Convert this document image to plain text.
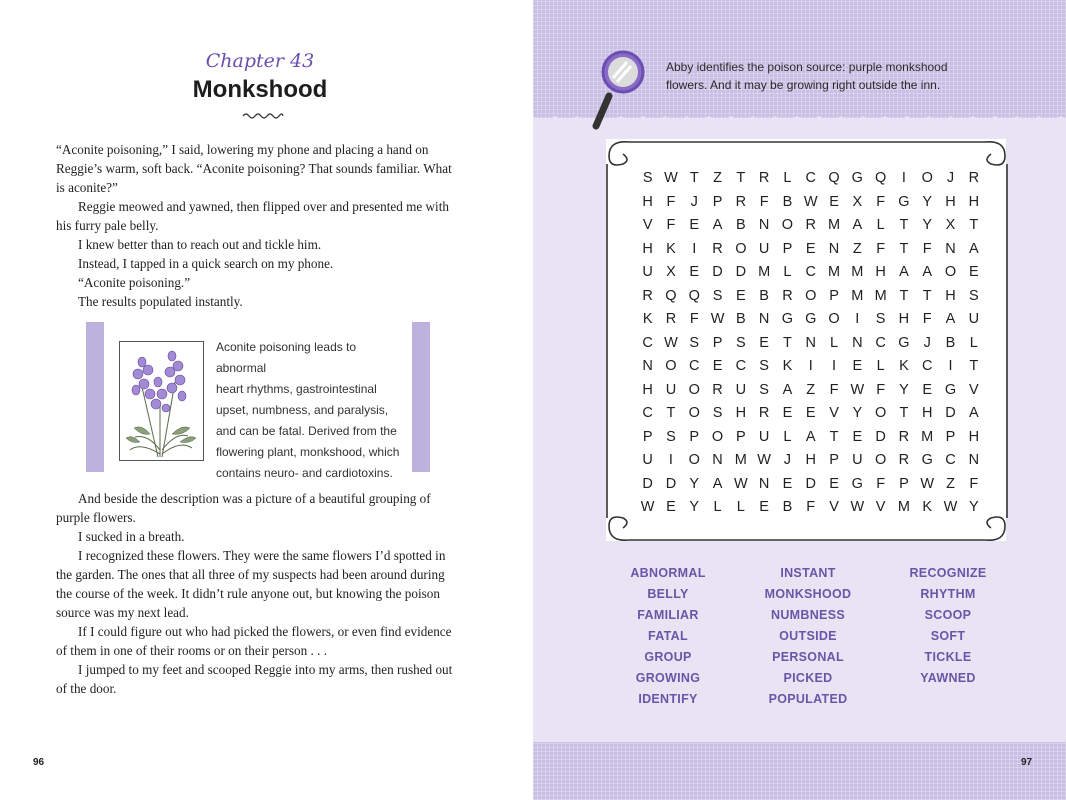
Chapter 43
Monkshood

“Aconite poisoning,” I said, lowering my phone and placing a hand on Reggie’s warm, soft back. “Aconite poisoning? That sounds familiar. What is aconite?”

Reggie meowed and yawned, then flipped over and presented me with his furry pale belly.

I knew better than to reach out and tickle him.

Instead, I tapped in a quick search on my phone.

“Aconite poisoning.”

The results populated instantly.

Aconite poisoning leads to abnormal
heart rhythms, gastrointestinal
upset, numbness, and paralysis,
and can be fatal. Derived from the
flowering plant, monkshood, which
contains neuro- and cardiotoxins.

And beside the description was a picture of a beautiful grouping of purple flowers.

I sucked in a breath.

I recognized these flowers. They were the same flowers I’d spotted in the garden. The ones that all three of my suspects had been around during the course of the week. It didn’t rule anyone out, but knowing the poison source was my next lead.

If I could figure out who had picked the flowers, or even find evidence of them in one of their rooms or on their person . . .

I jumped to my feet and scooped Reggie into my arms, then rushed out of the door.

96
Abby identifies the poison source: purple monkshood flowers. And it may be growing right outside the inn.
S W T Z T R L C Q G Q	I	O J R
H F	J	P R F B W E X F G Y H H
V F E A B N O R M A L	T Y X T
H K	I	R O U P E N Z F T F N A
U X E D D M L C M M H A A O E
R Q Q S E B R O P M M T T H S
K R F W B N G G O	I	S H F A U
C W S P S E T N L N C G J	B L
N O C E C S K	I	I	E L K C	I	T
H U O R U S A Z F W F Y E G V
C T O S H R E E V Y O T H D A
P S P O P U L A T E D R M P H
U	I	O N M W J H P U O R G C N
D D Y A W N E D E G F P W Z F
W E Y L	L E B F V W V M K W Y
ABNORMAL
BELLY
FAMILIAR
FATAL
GROUP
GROWING
IDENTIFY
INSTANT
MONKSHOOD
NUMBNESS
OUTSIDE
PERSONAL
PICKED
POPULATED
RECOGNIZE
RHYTHM
SCOOP
SOFT
TICKLE
YAWNED
97
